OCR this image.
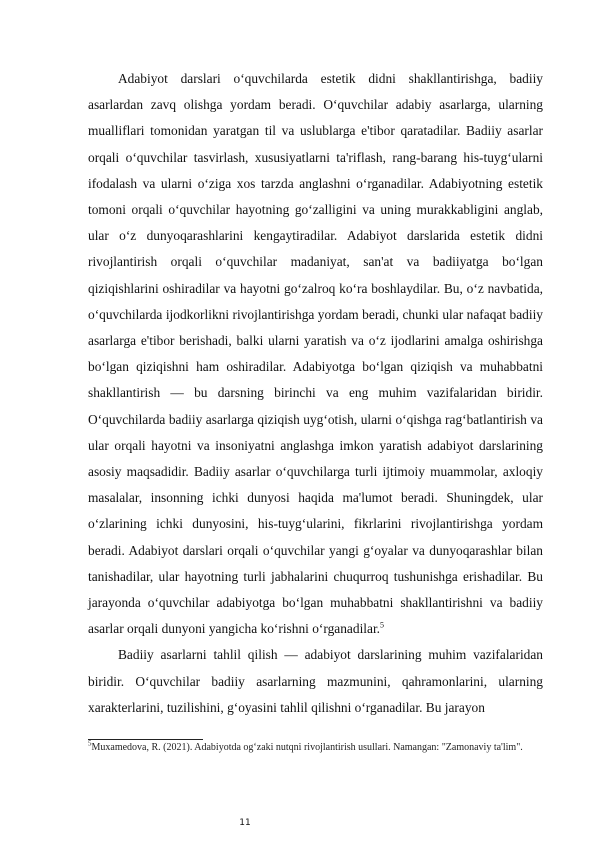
Adabiyot darslari o‘quvchilarda estetik didni shakllantirishga, badiiy asarlardan zavq olishga yordam beradi. O‘quvchilar adabiy asarlarga, ularning mualliflari tomonidan yaratgan til va uslublarga e'tibor qaratadilar. Badiiy asarlar orqali o‘quvchilar tasvirlash, xususiyatlarni ta'riflash, rang-barang his-tuyg‘ularni ifodalash va ularni o‘ziga xos tarzda anglashni o‘rganadilar. Adabiyotning estetik tomoni orqali o‘quvchilar hayotning go‘zalligini va uning murakkabligini anglab, ular o‘z dunyoqarashlarini kengaytiradilar. Adabiyot darslarida estetik didni rivojlantirish orqali o‘quvchilar madaniyat, san'at va badiiyatga bo‘lgan qiziqishlarini oshiradilar va hayotni go‘zalroq ko‘ra boshlaydilar. Bu, o‘z navbatida, o‘quvchilarda ijodkorlikni rivojlantirishga yordam beradi, chunki ular nafaqat badiiy asarlarga e'tibor berishadi, balki ularni yaratish va o‘z ijodlarini amalga oshirishga bo‘lgan qiziqishni ham oshiradilar. Adabiyotga bo‘lgan qiziqish va muhabbatni shakllantirish — bu darsning birinchi va eng muhim vazifalaridan biridir. O‘quvchilarda badiiy asarlarga qiziqish uyg‘otish, ularni o‘qishga rag‘batlantirish va ular orqali hayotni va insoniyatni anglashga imkon yaratish adabiyot darslarining asosiy maqsadidir. Badiiy asarlar o‘quvchilarga turli ijtimoiy muammolar, axloqiy masalalar, insonning ichki dunyosi haqida ma'lumot beradi. Shuningdek, ular o‘zlarining ichki dunyosini, his-tuyg‘ularini, fikrlarini rivojlantirishga yordam beradi. Adabiyot darslari orqali o‘quvchilar yangi g‘oyalar va dunyoqarashlar bilan tanishadilar, ular hayotning turli jabhalarini chuqurroq tushunishga erishadilar. Bu jarayonda o‘quvchilar adabiyotga bo‘lgan muhabbatni shakllantirishni va badiiy asarlar orqali dunyoni yangicha ko‘rishni o‘rganadilar.$^5$

Badiiy asarlarni tahlil qilish — adabiyot darslarining muhim vazifalaridan biridir. O‘quvchilar badiiy asarlarning mazmunini, qahramonlarini, ularning xarakterlarini, tuzilishini, g‘oyasini tahlil qilishni o‘rganadilar. Bu jarayon

$^5$Muxamedova, R. (2021). Adabiyotda og‘zaki nutqni rivojlantirish usullari. Namangan: "Zamonaviy ta'lim".
11
